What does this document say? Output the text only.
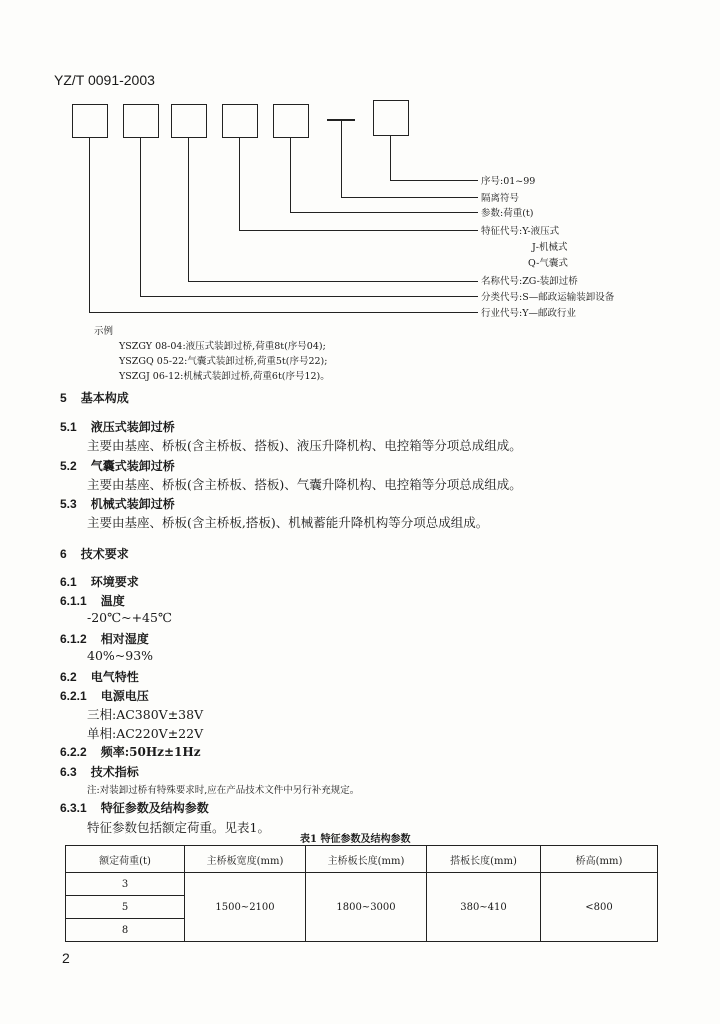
YZ/T 0091-2003
序号:01~99
隔离符号
参数:荷重(t)
特征代号:Y-液压式
J-机械式
Q-气囊式
名称代号:ZG-装卸过桥
分类代号:S—邮政运输装卸设备
行业代号:Y—邮政行业
示例
YSZGY 08-04:液压式装卸过桥,荷重8t(序号04);
YSZGQ 05-22:气囊式装卸过桥,荷重5t(序号22);
YSZGJ 06-12:机械式装卸过桥,荷重6t(序号12)。
5 基本构成
5.1 液压式装卸过桥
主要由基座、桥板(含主桥板、搭板)、液压升降机构、电控箱等分项总成组成。
5.2 气囊式装卸过桥
主要由基座、桥板(含主桥板、搭板)、气囊升降机构、电控箱等分项总成组成。
5.3 机械式装卸过桥
主要由基座、桥板(含主桥板,搭板)、机械蓄能升降机构等分项总成组成。
6 技术要求
6.1 环境要求
6.1.1 温度
-20℃~+45℃
6.1.2 相对湿度
40%~93%
6.2 电气特性
6.2.1 电源电压
三相:AC380V±38V
单相:AC220V±22V
6.2.2 频率:50Hz±1Hz
6.3 技术指标
注:对装卸过桥有特殊要求时,应在产品技术文件中另行补充规定。
6.3.1 特征参数及结构参数
特征参数包括额定荷重。见表1。
表1 特征参数及结构参数
额定荷重(t)	主桥板宽度(mm)	主桥板长度(mm)	搭板长度(mm)	桥高(mm)
3	1500~2100	1800~3000	380~410	<800
5				
8				
2
